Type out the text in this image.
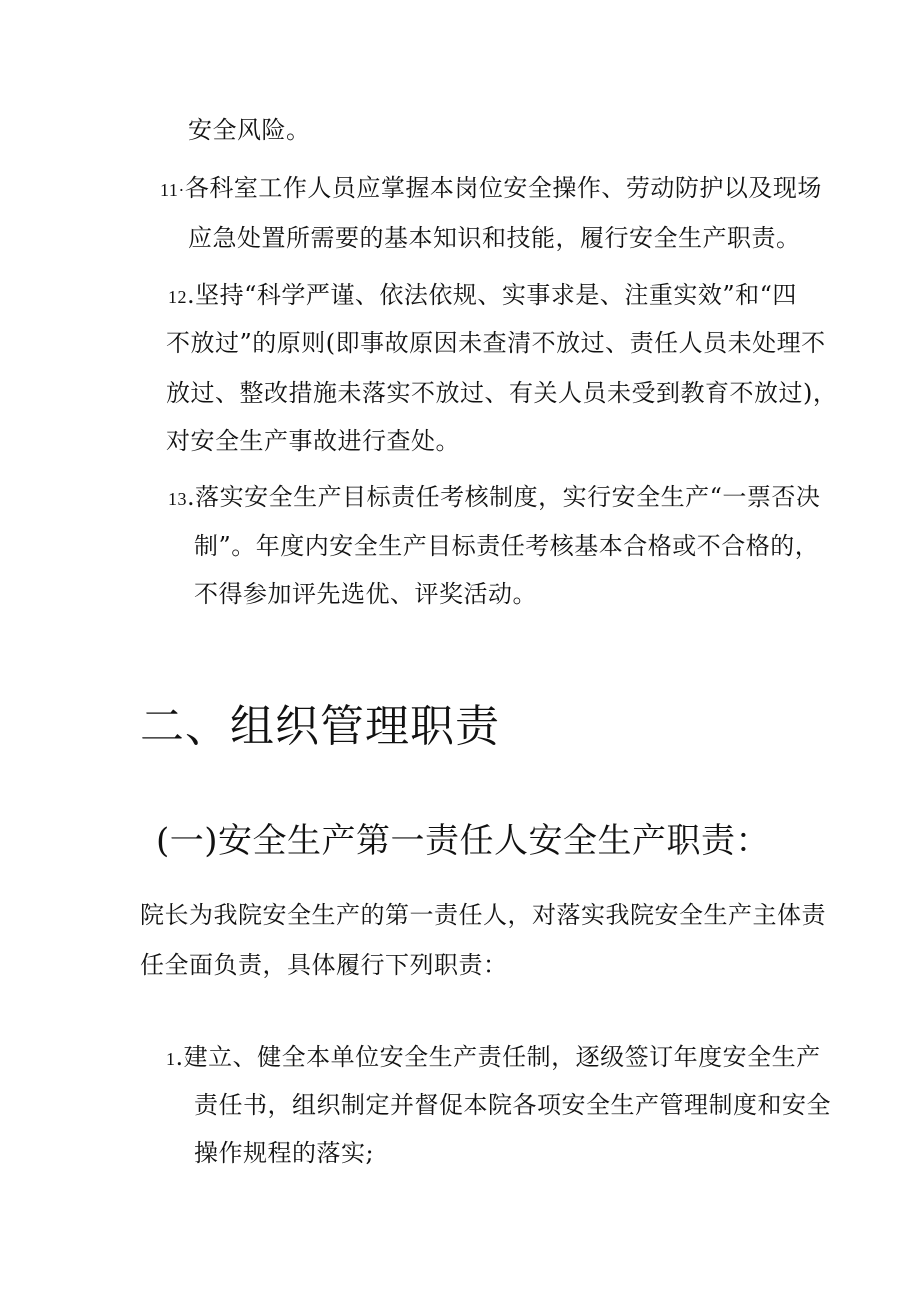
安全风险。
11·各科室工作人员应掌握本岗位安全操作、劳动防护以及现场
应急处置所需要的基本知识和技能，履行安全生产职责。
12.坚持“科学严谨、依法依规、实事求是、注重实效”和“四
不放过”的原则(即事故原因未查清不放过、责任人员未处理不
放过、整改措施未落实不放过、有关人员未受到教育不放过)，
对安全生产事故进行查处。
13.落实安全生产目标责任考核制度，实行安全生产“一票否决
制”。年度内安全生产目标责任考核基本合格或不合格的，
不得参加评先选优、评奖活动。
二、组织管理职责
(一)安全生产第一责任人安全生产职责：
院长为我院安全生产的第一责任人，对落实我院安全生产主体责
任全面负责，具体履行下列职责：
1.建立、健全本单位安全生产责任制，逐级签订年度安全生产
责任书，组织制定并督促本院各项安全生产管理制度和安全
操作规程的落实;
